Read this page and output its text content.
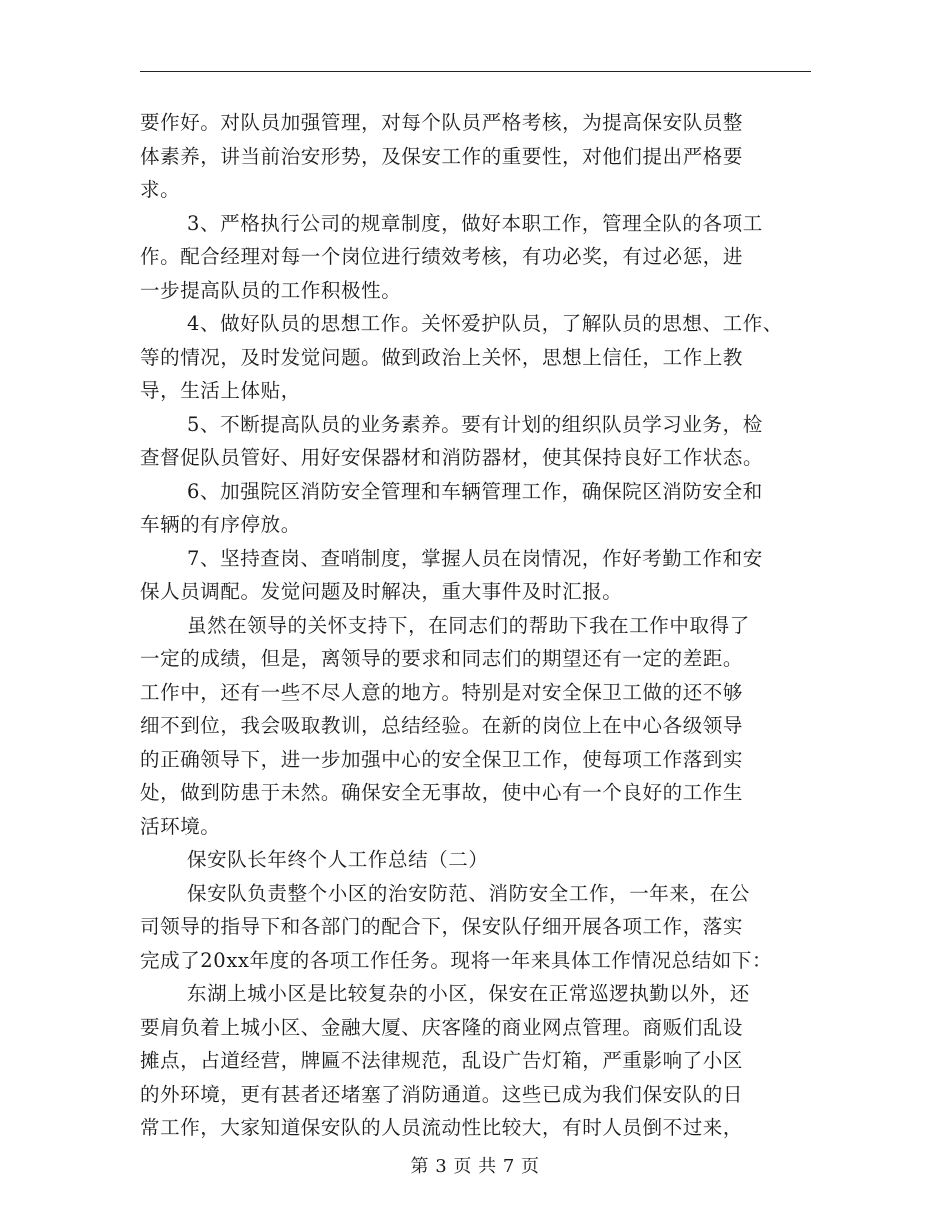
要作好。对队员加强管理，对每个队员严格考核，为提高保安队员整
体素养，讲当前治安形势，及保安工作的重要性，对他们提出严格要
求。
3、严格执行公司的规章制度，做好本职工作，管理全队的各项工
作。配合经理对每一个岗位进行绩效考核，有功必奖，有过必惩，进
一步提高队员的工作积极性。
4、做好队员的思想工作。关怀爱护队员，了解队员的思想、工作、
等的情况，及时发觉问题。做到政治上关怀，思想上信任，工作上教
导，生活上体贴，
5、不断提高队员的业务素养。要有计划的组织队员学习业务，检
查督促队员管好、用好安保器材和消防器材，使其保持良好工作状态。
6、加强院区消防安全管理和车辆管理工作，确保院区消防安全和
车辆的有序停放。
7、坚持查岗、查哨制度，掌握人员在岗情况，作好考勤工作和安
保人员调配。发觉问题及时解决，重大事件及时汇报。
虽然在领导的关怀支持下，在同志们的帮助下我在工作中取得了
一定的成绩，但是，离领导的要求和同志们的期望还有一定的差距。
工作中，还有一些不尽人意的地方。特别是对安全保卫工做的还不够
细不到位，我会吸取教训，总结经验。在新的岗位上在中心各级领导
的正确领导下，进一步加强中心的安全保卫工作，使每项工作落到实
处，做到防患于未然。确保安全无事故，使中心有一个良好的工作生
活环境。
保安队长年终个人工作总结（二）
保安队负责整个小区的治安防范、消防安全工作，一年来，在公
司领导的指导下和各部门的配合下，保安队仔细开展各项工作，落实
完成了20xx年度的各项工作任务。现将一年来具体工作情况总结如下：
东湖上城小区是比较复杂的小区，保安在正常巡逻执勤以外，还
要肩负着上城小区、金融大厦、庆客隆的商业网点管理。商贩们乱设
摊点，占道经营，牌匾不法律规范，乱设广告灯箱，严重影响了小区
的外环境，更有甚者还堵塞了消防通道。这些已成为我们保安队的日
常工作，大家知道保安队的人员流动性比较大，有时人员倒不过来，
第 3 页 共 7 页
